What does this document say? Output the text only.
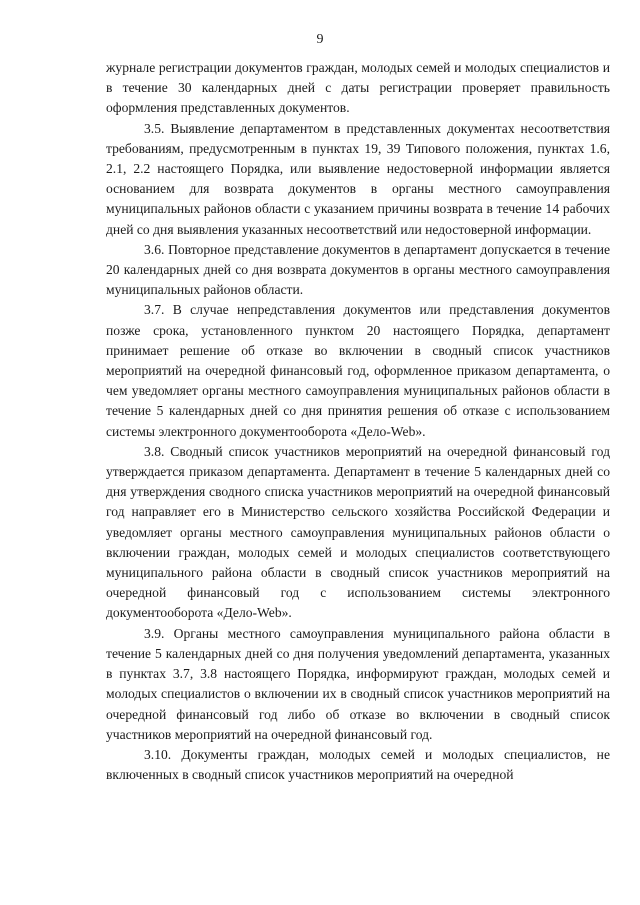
9

журнале регистрации документов граждан, молодых семей и молодых специалистов и в течение 30 календарных дней с даты регистрации проверяет правильность оформления представленных документов.

3.5. Выявление департаментом в представленных документах несоответствия требованиям, предусмотренным в пунктах 19, 39 Типового положения, пунктах 1.6, 2.1, 2.2 настоящего Порядка, или выявление недостоверной информации является основанием для возврата документов в органы местного самоуправления муниципальных районов области с указанием причины возврата в течение 14 рабочих дней со дня выявления указанных несоответствий или недостоверной информации.

3.6. Повторное представление документов в департамент допускается в течение 20 календарных дней со дня возврата документов в органы местного самоуправления муниципальных районов области.

3.7. В случае непредставления документов или представления документов позже срока, установленного пунктом 20 настоящего Порядка, департамент принимает решение об отказе во включении в сводный список участников мероприятий на очередной финансовый год, оформленное приказом департамента, о чем уведомляет органы местного самоуправления муниципальных районов области в течение 5 календарных дней со дня принятия решения об отказе с использованием системы электронного документооборота «Дело-Web».

3.8. Сводный список участников мероприятий на очередной финансовый год утверждается приказом департамента. Департамент в течение 5 календарных дней со дня утверждения сводного списка участников мероприятий на очередной финансовый год направляет его в Министерство сельского хозяйства Российской Федерации и уведомляет органы местного самоуправления муниципальных районов области о включении граждан, молодых семей и молодых специалистов соответствующего муниципального района области в сводный список участников мероприятий на очередной финансовый год с использованием системы электронного документооборота «Дело-Web».

3.9. Органы местного самоуправления муниципального района области в течение 5 календарных дней со дня получения уведомлений департамента, указанных в пунктах 3.7, 3.8 настоящего Порядка, информируют граждан, молодых семей и молодых специалистов о включении их в сводный список участников мероприятий на очередной финансовый год либо об отказе во включении в сводный список участников мероприятий на очередной финансовый год.

3.10. Документы граждан, молодых семей и молодых специалистов, не включенных в сводный список участников мероприятий на очередной
